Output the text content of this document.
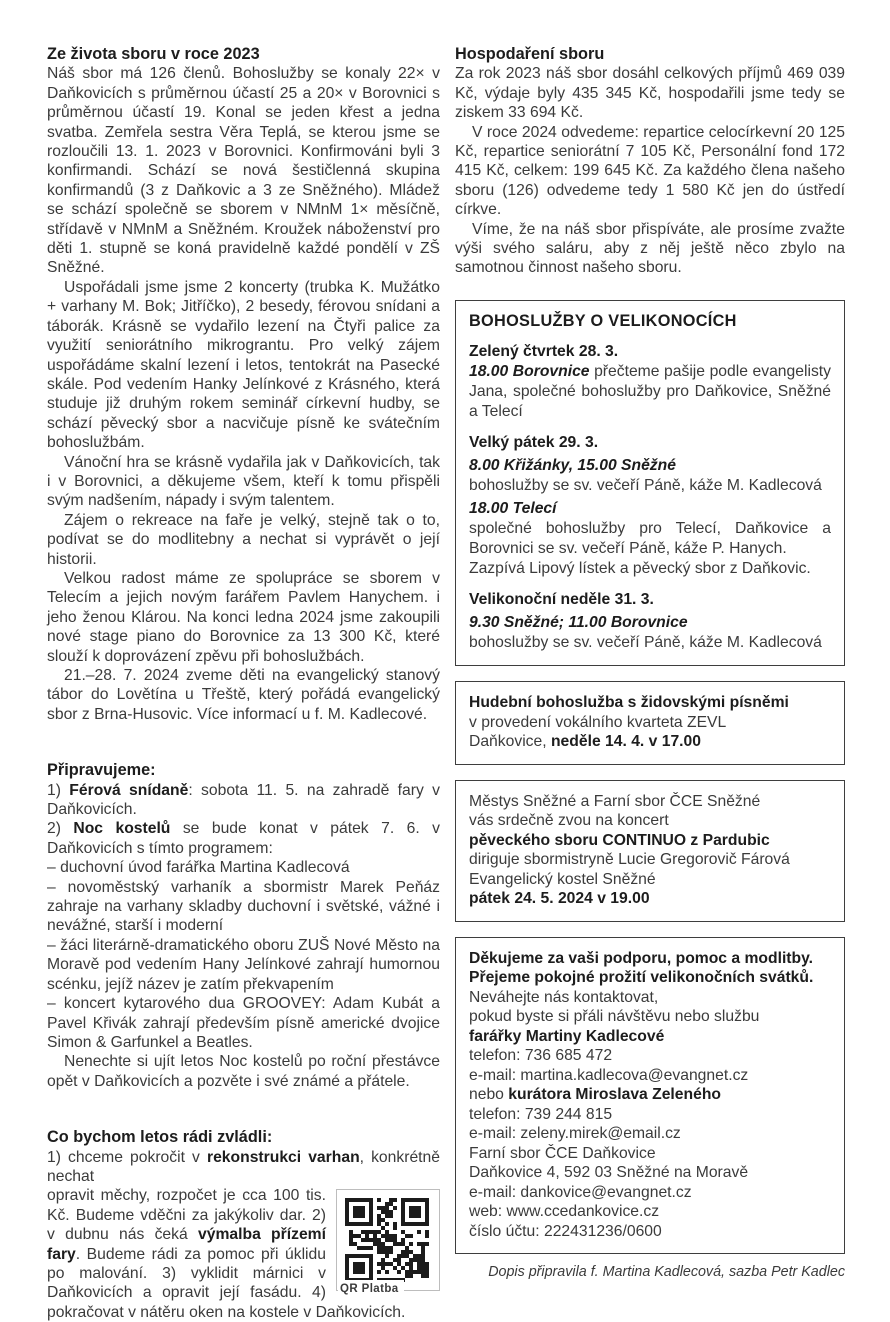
Ze života sboru v roce 2023

Náš sbor má 126 členů. Bohoslužby se konaly 22× v Daňkovicích s průměrnou účastí 25 a 20× v Borovnici s průměrnou účastí 19. Konal se jeden křest a jedna svatba. Zemřela sestra Věra Teplá, se kterou jsme se rozloučili 13. 1. 2023 v Borovnici. Konfirmováni byli 3 konfirmandi. Schází se nová šestičlenná skupina konfirmandů (3 z Daňkovic a 3 ze Sněžného). Mládež se schází společně se sborem v NMnM 1× měsíčně, střídavě v NMnM a Sněžném. Kroužek náboženství pro děti 1. stupně se koná pravidelně každé pondělí v ZŠ Sněžné.

Uspořádali jsme jsme 2 koncerty (trubka K. Mužátko + varhany M. Bok; Jitříčko), 2 besedy, férovou snídani a táborák. Krásně se vydařilo lezení na Čtyři palice za využití seniorátního mikrograntu. Pro velký zájem uspořádáme skalní lezení i letos, tentokrát na Pasecké skále. Pod vedením Hanky Jelínkové z Krásného, která studuje již druhým rokem seminář církevní hudby, se schází pěvecký sbor a nacvičuje písně ke svátečním bohoslužbám.

Vánoční hra se krásně vydařila jak v Daňkovicích, tak i v Borovnici, a děkujeme všem, kteří k tomu přispěli svým nadšením, nápady i svým talentem.

Zájem o rekreace na faře je velký, stejně tak o to, podívat se do modlitebny a nechat si vyprávět o její historii.

Velkou radost máme ze spolupráce se sborem v Telecím a jejich novým farářem Pavlem Hanychem. i jeho ženou Klárou. Na konci ledna 2024 jsme zakoupili nové stage piano do Borovnice za 13 300 Kč, které slouží k doprovázení zpěvu při bohoslužbách.

21.–28. 7. 2024 zveme děti na evangelický stanový tábor do Lovětína u Třeště, který pořádá evangelický sbor z Brna-Husovic. Více informací u f. M. Kadlecové.

Připravujeme:

1) Férová snídaně: sobota 11. 5. na zahradě fary v Daňkovicích.

2) Noc kostelů se bude konat v pátek 7. 6. v Daňkovicích s tímto programem:

– duchovní úvod farářka Martina Kadlecová

– novoměstský varhaník a sbormistr Marek Peňáz zahraje na varhany skladby duchovní i světské, vážné i nevážné, starší i moderní

– žáci literárně-dramatického oboru ZUŠ Nové Město na Moravě pod vedením Hany Jelínkové zahrají humornou scénku, jejíž název je zatím překvapením

– koncert kytarového dua GROOVEY: Adam Kubát a Pavel Křivák zahrají především písně americké dvojice Simon & Garfunkel a Beatles.

Nenechte si ujít letos Noc kostelů po roční přestávce opět v Daňkovicích a pozvěte i své známé a přátele.

Co bychom letos rádi zvládli:

1) chceme pokročit v rekonstrukci varhan, konkrétně nechat

QR Platba

opravit měchy, rozpočet je cca 100 tis. Kč. Budeme vděčni za jakýkoliv dar. 2) v dubnu nás čeká výmalba přízemí fary. Budeme rádi za pomoc při úklidu po malování. 3) vyklidit márnici v Daňkovicích a opravit její fasádu. 4) pokračovat v nátěru oken na kostele v Daňkovicích.

Hospodaření sboru

Za rok 2023 náš sbor dosáhl celkových příjmů 469 039 Kč, výdaje byly 435 345 Kč, hospodařili jsme tedy se ziskem 33 694 Kč.

V roce 2024 odvedeme: repartice celocírkevní 20 125 Kč, repartice seniorátní 7 105 Kč, Personální fond 172 415 Kč, celkem: 199 645 Kč. Za každého člena našeho sboru (126) odvedeme tedy 1 580 Kč jen do ústředí církve.

Víme, že na náš sbor přispíváte, ale prosíme zvažte výši svého saláru, aby z něj ještě něco zbylo na samotnou činnost našeho sboru.

BOHOSLUŽBY O VELIKONOCÍCH

Zelený čtvrtek 28. 3.

18.00 Borovnice přečteme pašije podle evangelisty Jana, společné bohoslužby pro Daňkovice, Sněžné a Telecí

Velký pátek 29. 3.

8.00 Křižánky, 15.00 Sněžné

bohoslužby se sv. večeří Páně, káže M. Kadlecová

18.00 Telecí

společné bohoslužby pro Telecí, Daňkovice a Borovnici se sv. večeří Páně, káže P. Hanych.

Zazpívá Lipový lístek a pěvecký sbor z Daňkovic.

Velikonoční neděle 31. 3.

9.30 Sněžné; 11.00 Borovnice

bohoslužby se sv. večeří Páně, káže M. Kadlecová

Hudební bohoslužba s židovskými písněmi

v provedení vokálního kvarteta ZEVL

Daňkovice, neděle 14. 4. v 17.00

Městys Sněžné a Farní sbor ČCE Sněžné

vás srdečně zvou na koncert

pěveckého sboru CONTINUO z Pardubic

diriguje sbormistryně Lucie Gregorovič Fárová

Evangelický kostel Sněžné

pátek 24. 5. 2024 v 19.00

Děkujeme za vaši podporu, pomoc a modlitby.

Přejeme pokojné prožití velikonočních svátků.

Neváhejte nás kontaktovat,

pokud byste si přáli návštěvu nebo službu

farářky Martiny Kadlecové

telefon: 736 685 472

e-mail: martina.kadlecova@evangnet.cz

nebo kurátora Miroslava Zeleného

telefon: 739 244 815

e-mail: zeleny.mirek@email.cz

Farní sbor ČCE Daňkovice

Daňkovice 4, 592 03 Sněžné na Moravě

e-mail: dankovice@evangnet.cz

web: www.ccedankovice.cz

číslo účtu: 222431236/0600

Dopis připravila f. Martina Kadlecová, sazba Petr Kadlec
